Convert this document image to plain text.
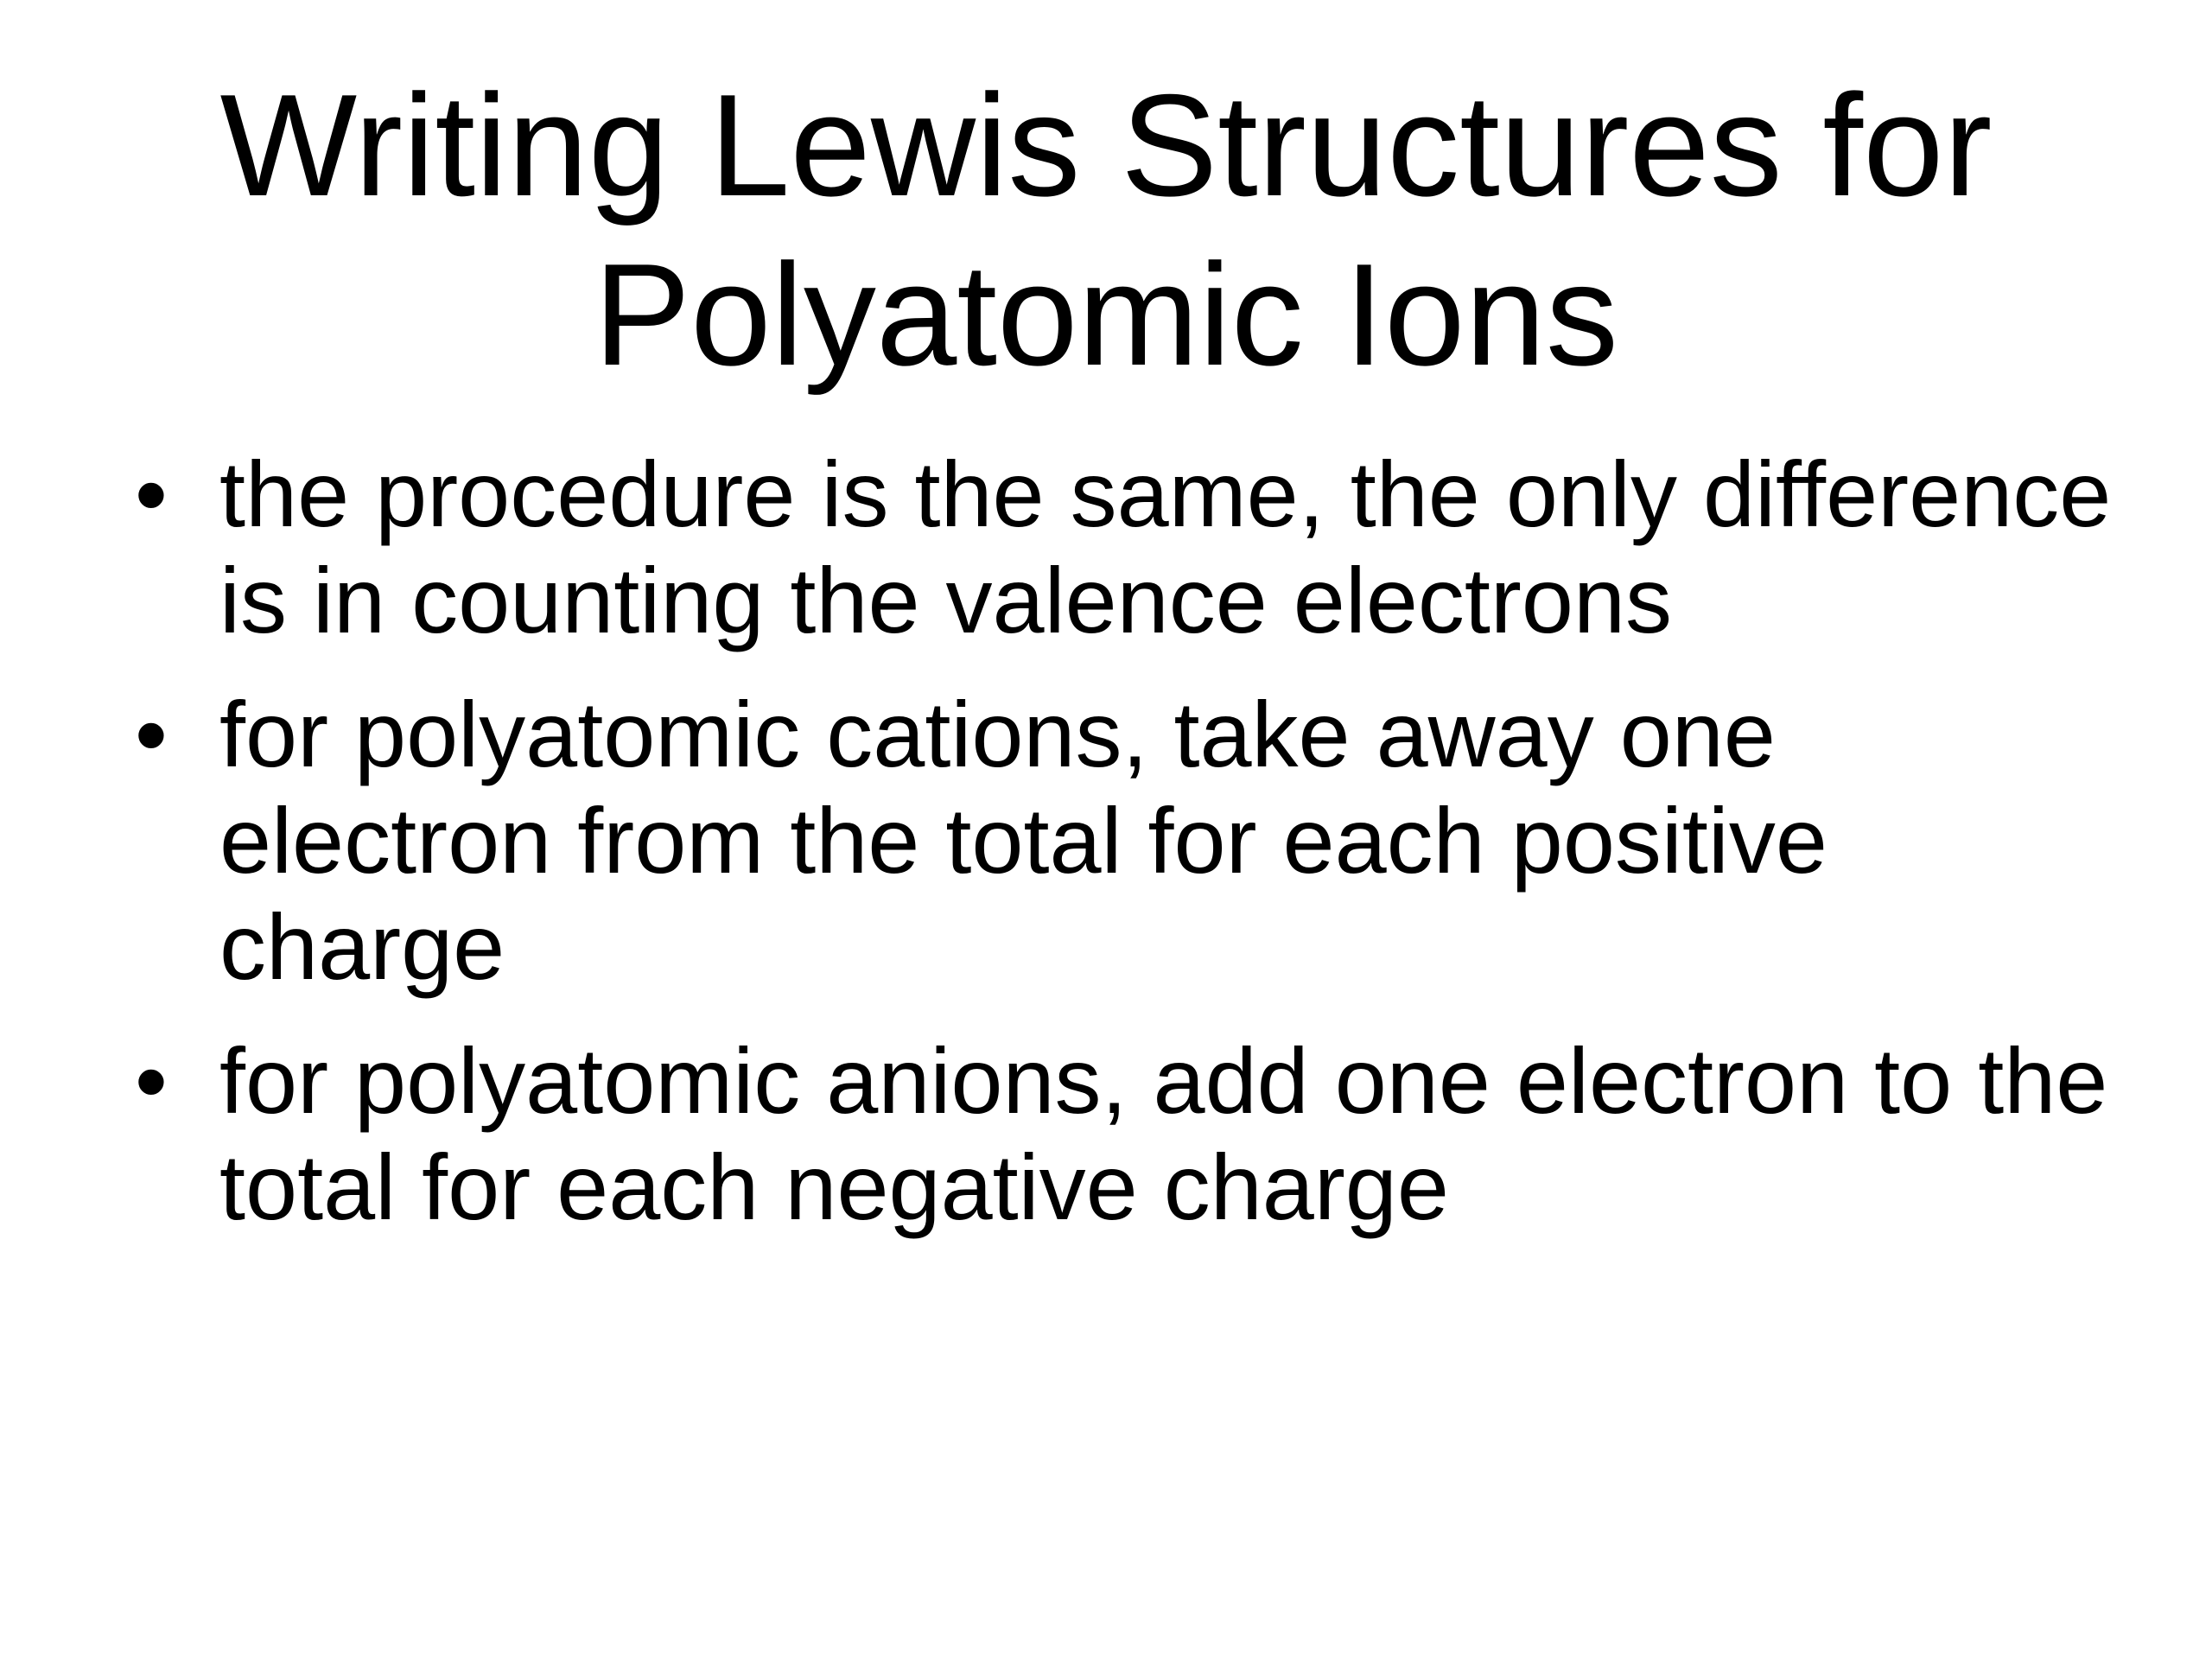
Writing Lewis Structures for
Polyatomic Ions
• the procedure is the same, the only difference is in counting the valence electrons
• for polyatomic cations, take away one electron from the total for each positive charge
• for polyatomic anions, add one electron to the total for each negative charge
